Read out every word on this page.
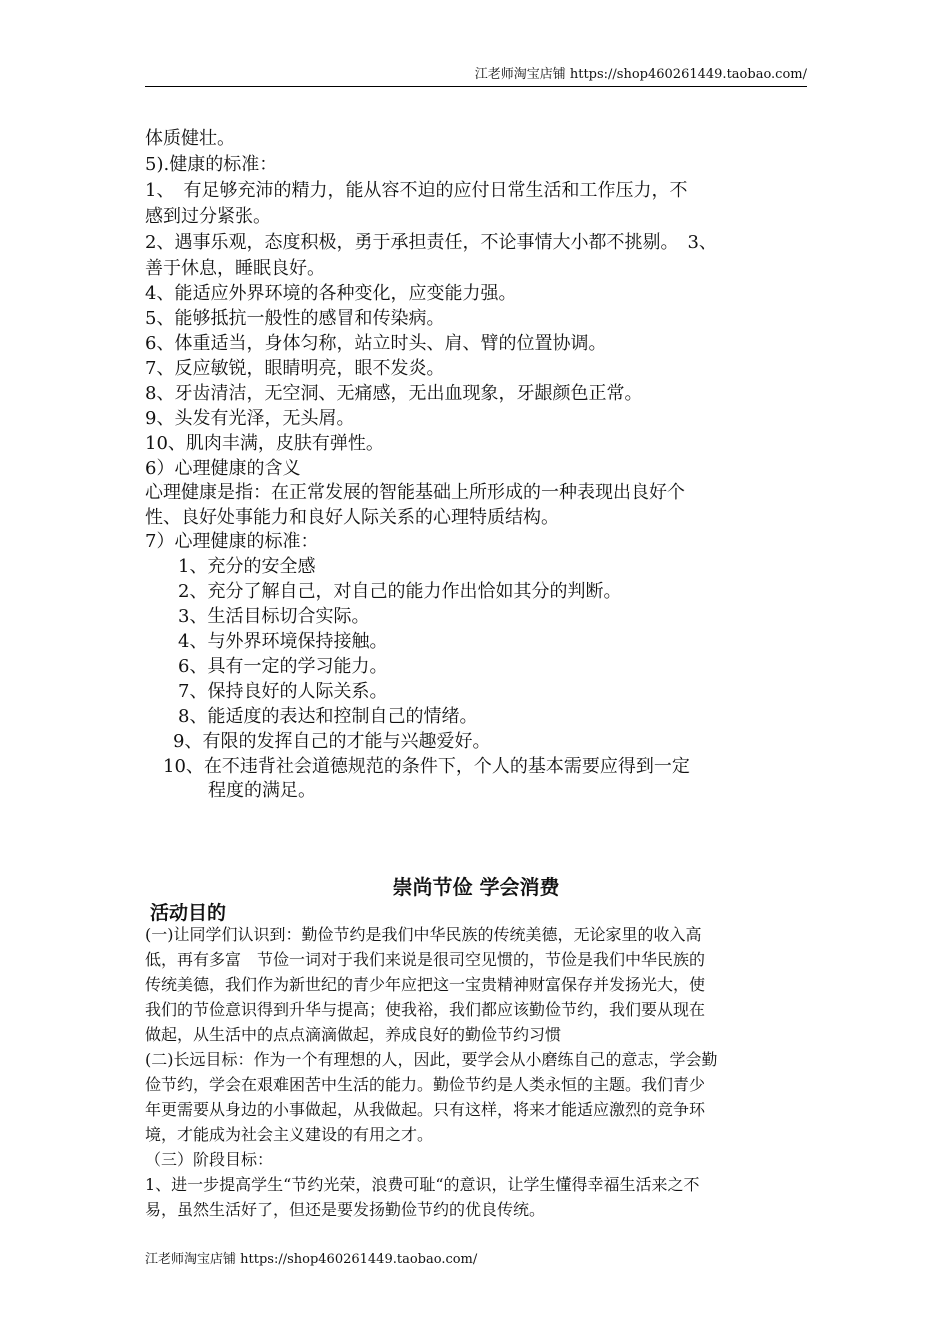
江老师淘宝店铺 https://shop460261449.taobao.com/
体质健壮。
5).健康的标准：
1、　有足够充沛的精力，能从容不迫的应付日常生活和工作压力，不
感到过分紧张。
2、遇事乐观，态度积极，勇于承担责任，不论事情大小都不挑剔。　3、
善于休息，睡眠良好。
4、能适应外界环境的各种变化，应变能力强。
5、能够抵抗一般性的感冒和传染病。
6、体重适当，身体匀称，站立时头、肩、臂的位置协调。
7、反应敏锐，眼睛明亮，眼不发炎。
8、牙齿清洁，无空洞、无痛感，无出血现象，牙龈颜色正常。
9、头发有光泽，无头屑。
10、肌肉丰满，皮肤有弹性。
6）心理健康的含义
心理健康是指：在正常发展的智能基础上所形成的一种表现出良好个
性、良好处事能力和良好人际关系的心理特质结构。
7）心理健康的标准：
1、充分的安全感
2、充分了解自己，对自己的能力作出恰如其分的判断。
3、生活目标切合实际。
4、与外界环境保持接触。
6、具有一定的学习能力。
7、保持良好的人际关系。
8、能适度的表达和控制自己的情绪。
9、有限的发挥自己的才能与兴趣爱好。
10、在不违背社会道德规范的条件下，个人的基本需要应得到一定
程度的满足。
崇尚节俭 学会消费
活动目的
(一)让同学们认识到：勤俭节约是我们中华民族的传统美德，无论家里的收入高
低，再有多富　节俭一词对于我们来说是很司空见惯的，节俭是我们中华民族的
传统美德，我们作为新世纪的青少年应把这一宝贵精神财富保存并发扬光大，使
我们的节俭意识得到升华与提高；使我裕，我们都应该勤俭节约，我们要从现在
做起，从生活中的点点滴滴做起，养成良好的勤俭节约习惯
(二)长远目标：作为一个有理想的人，因此，要学会从小磨练自己的意志，学会勤
俭节约，学会在艰难困苦中生活的能力。勤俭节约是人类永恒的主题。我们青少
年更需要从身边的小事做起，从我做起。只有这样，将来才能适应激烈的竞争环
境，才能成为社会主义建设的有用之才。
（三）阶段目标：
1、进一步提高学生“节约光荣，浪费可耻“的意识，让学生懂得幸福生活来之不
易，虽然生活好了，但还是要发扬勤俭节约的优良传统。
江老师淘宝店铺 https://shop460261449.taobao.com/
